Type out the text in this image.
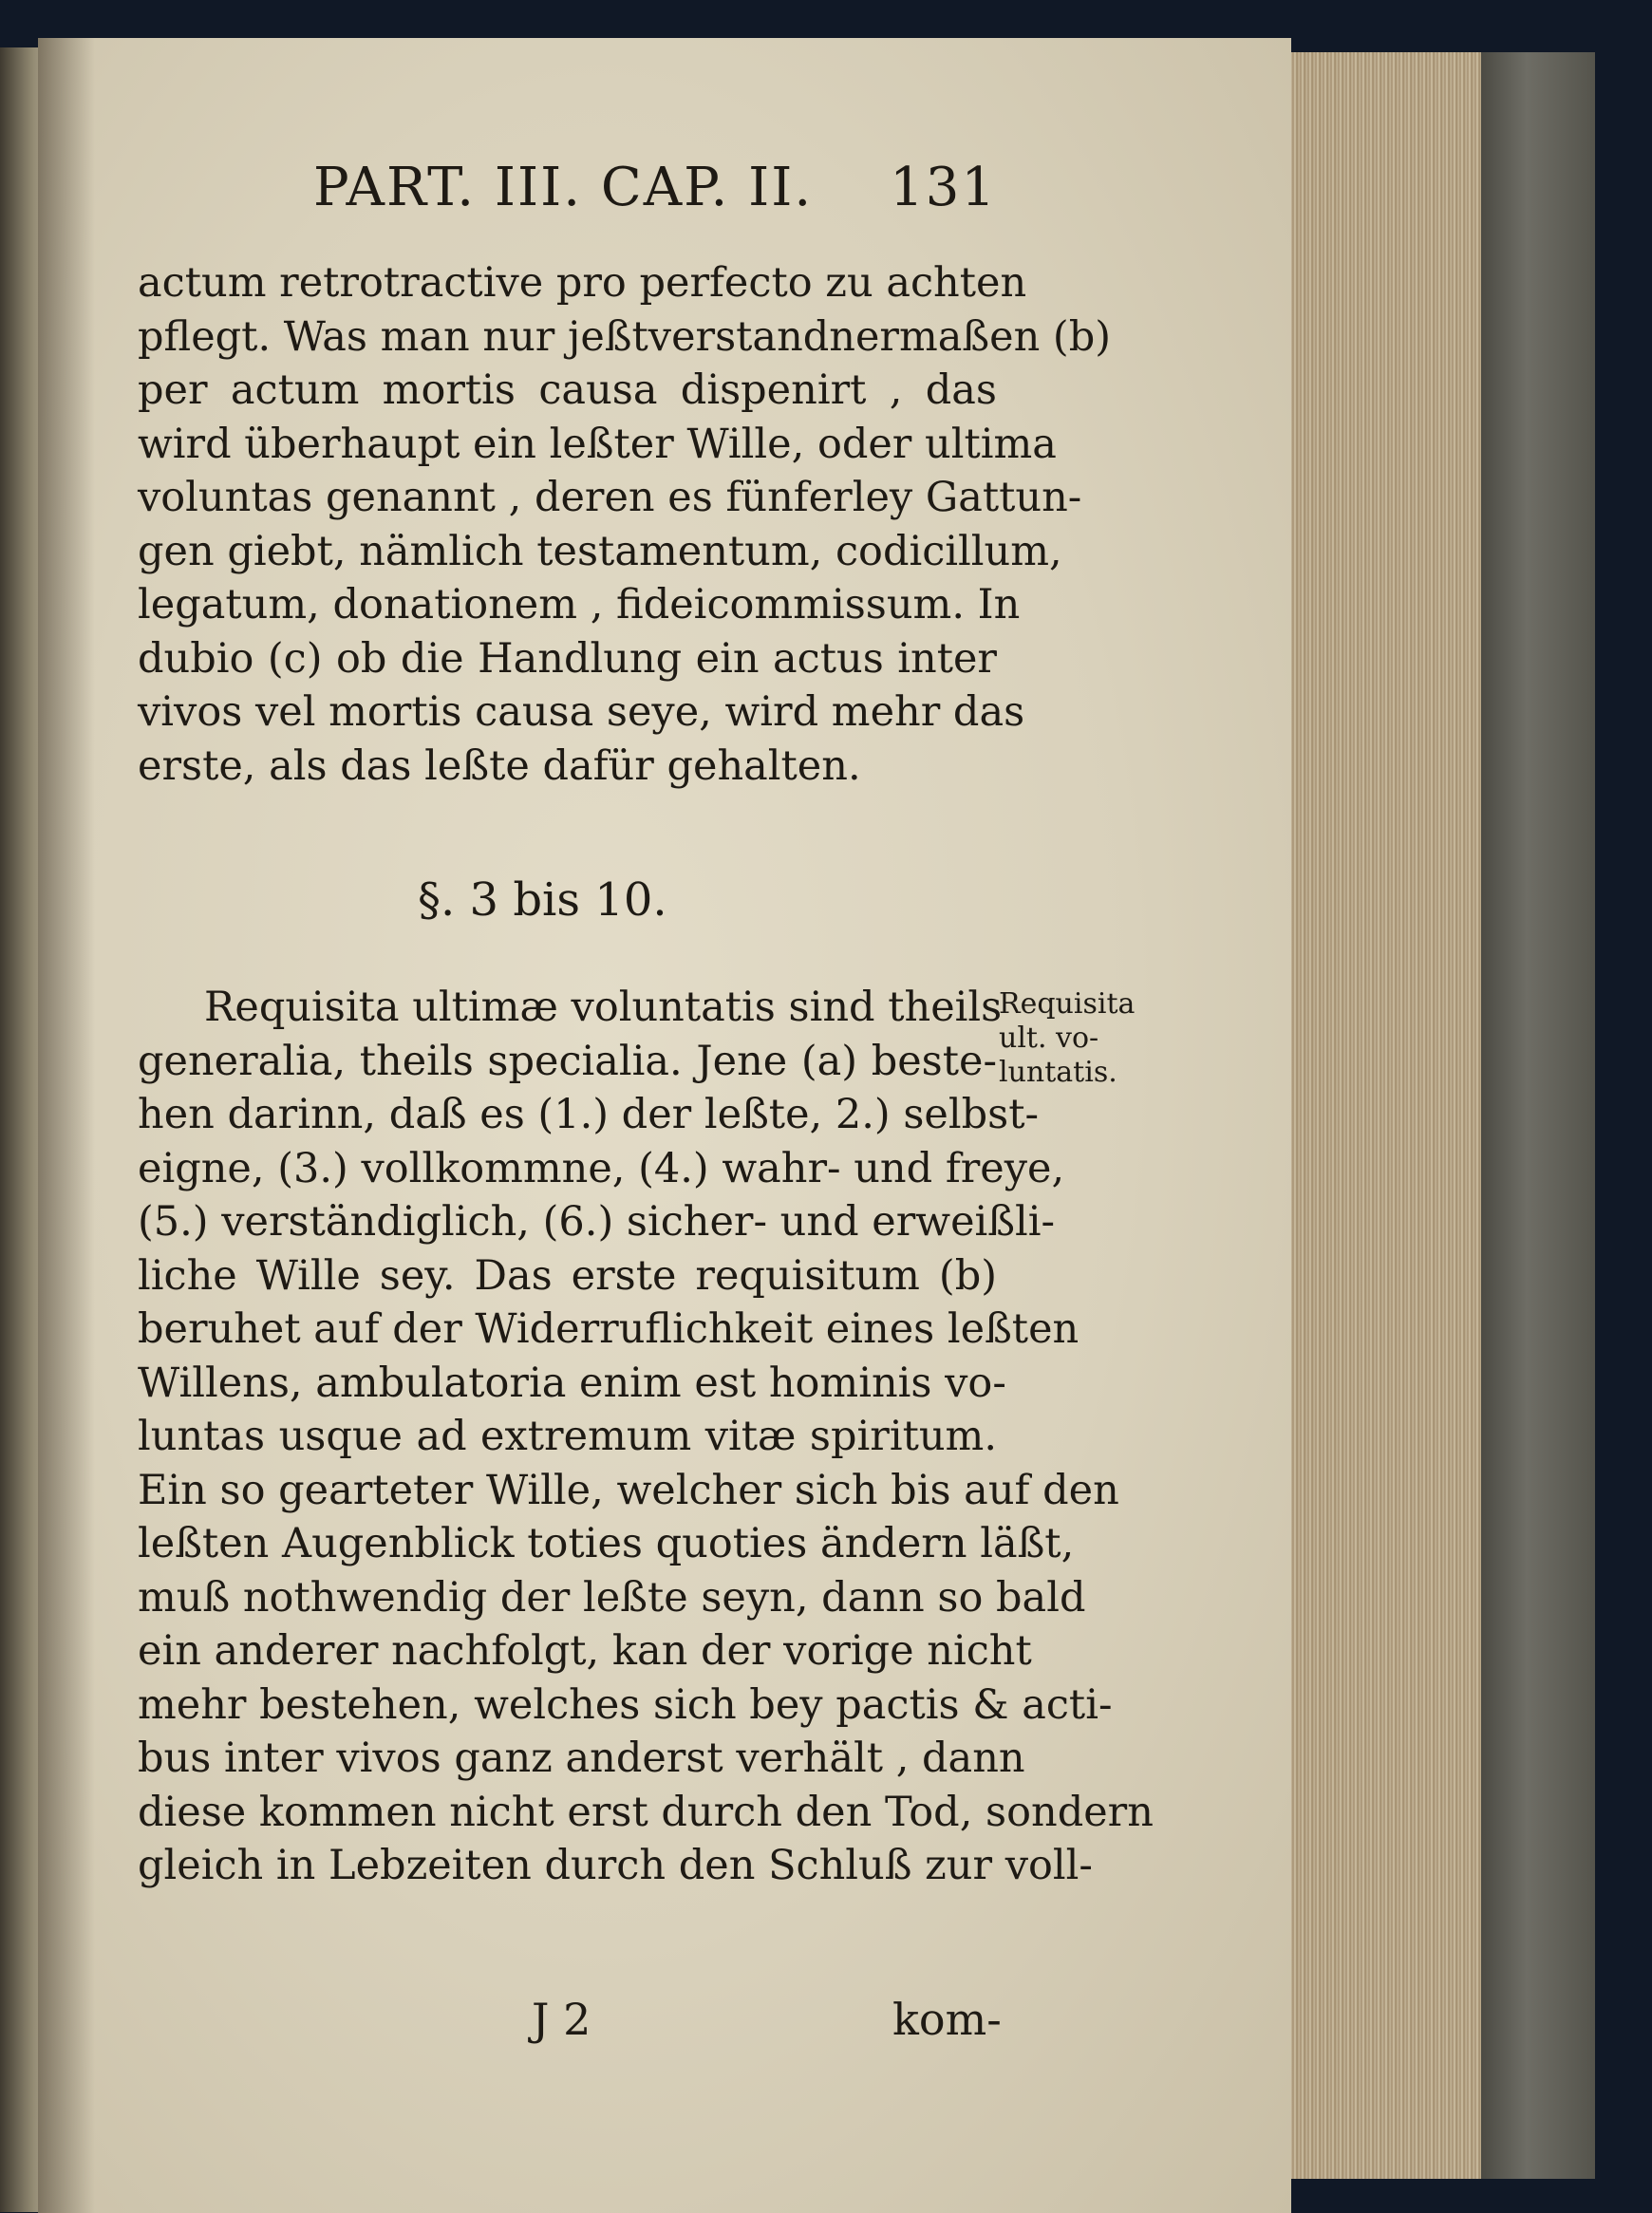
PART. III. CAP. II. 131
actum retrotractive pro perfecto zu achten
pflegt. Was man nur jeßtverstandnermaßen (b)
per actum mortis causa dispenirt , das
wird überhaupt ein leßter Wille, oder ultima
voluntas genannt , deren es fünferley Gattun-
gen giebt, nämlich testamentum, codicillum,
legatum, donationem , fideicommissum. In
dubio (c) ob die Handlung ein actus inter
vivos vel mortis causa seye, wird mehr das
erste, als das leßte dafür gehalten.
§. 3 bis 10.
Requisita ultimæ voluntatis sind theils
generalia, theils specialia. Jene (a) beste-
hen darinn, daß es (1.) der leßte, 2.) selbst-
eigne, (3.) vollkommne, (4.) wahr- und freye,
(5.) verständiglich, (6.) sicher- und erweißli-
liche Wille sey. Das erste requisitum (b)
beruhet auf der Widerruflichkeit eines leßten
Willens, ambulatoria enim est hominis vo-
luntas usque ad extremum vitæ spiritum.
Ein so gearteter Wille, welcher sich bis auf den
leßten Augenblick toties quoties ändern läßt,
muß nothwendig der leßte seyn, dann so bald
ein anderer nachfolgt, kan der vorige nicht
mehr bestehen, welches sich bey pactis & acti-
bus inter vivos ganz anderst verhält , dann
diese kommen nicht erst durch den Tod, sondern
gleich in Lebzeiten durch den Schluß zur voll-
Requisita
ult. vo-
luntatis.
J 2	kom-
